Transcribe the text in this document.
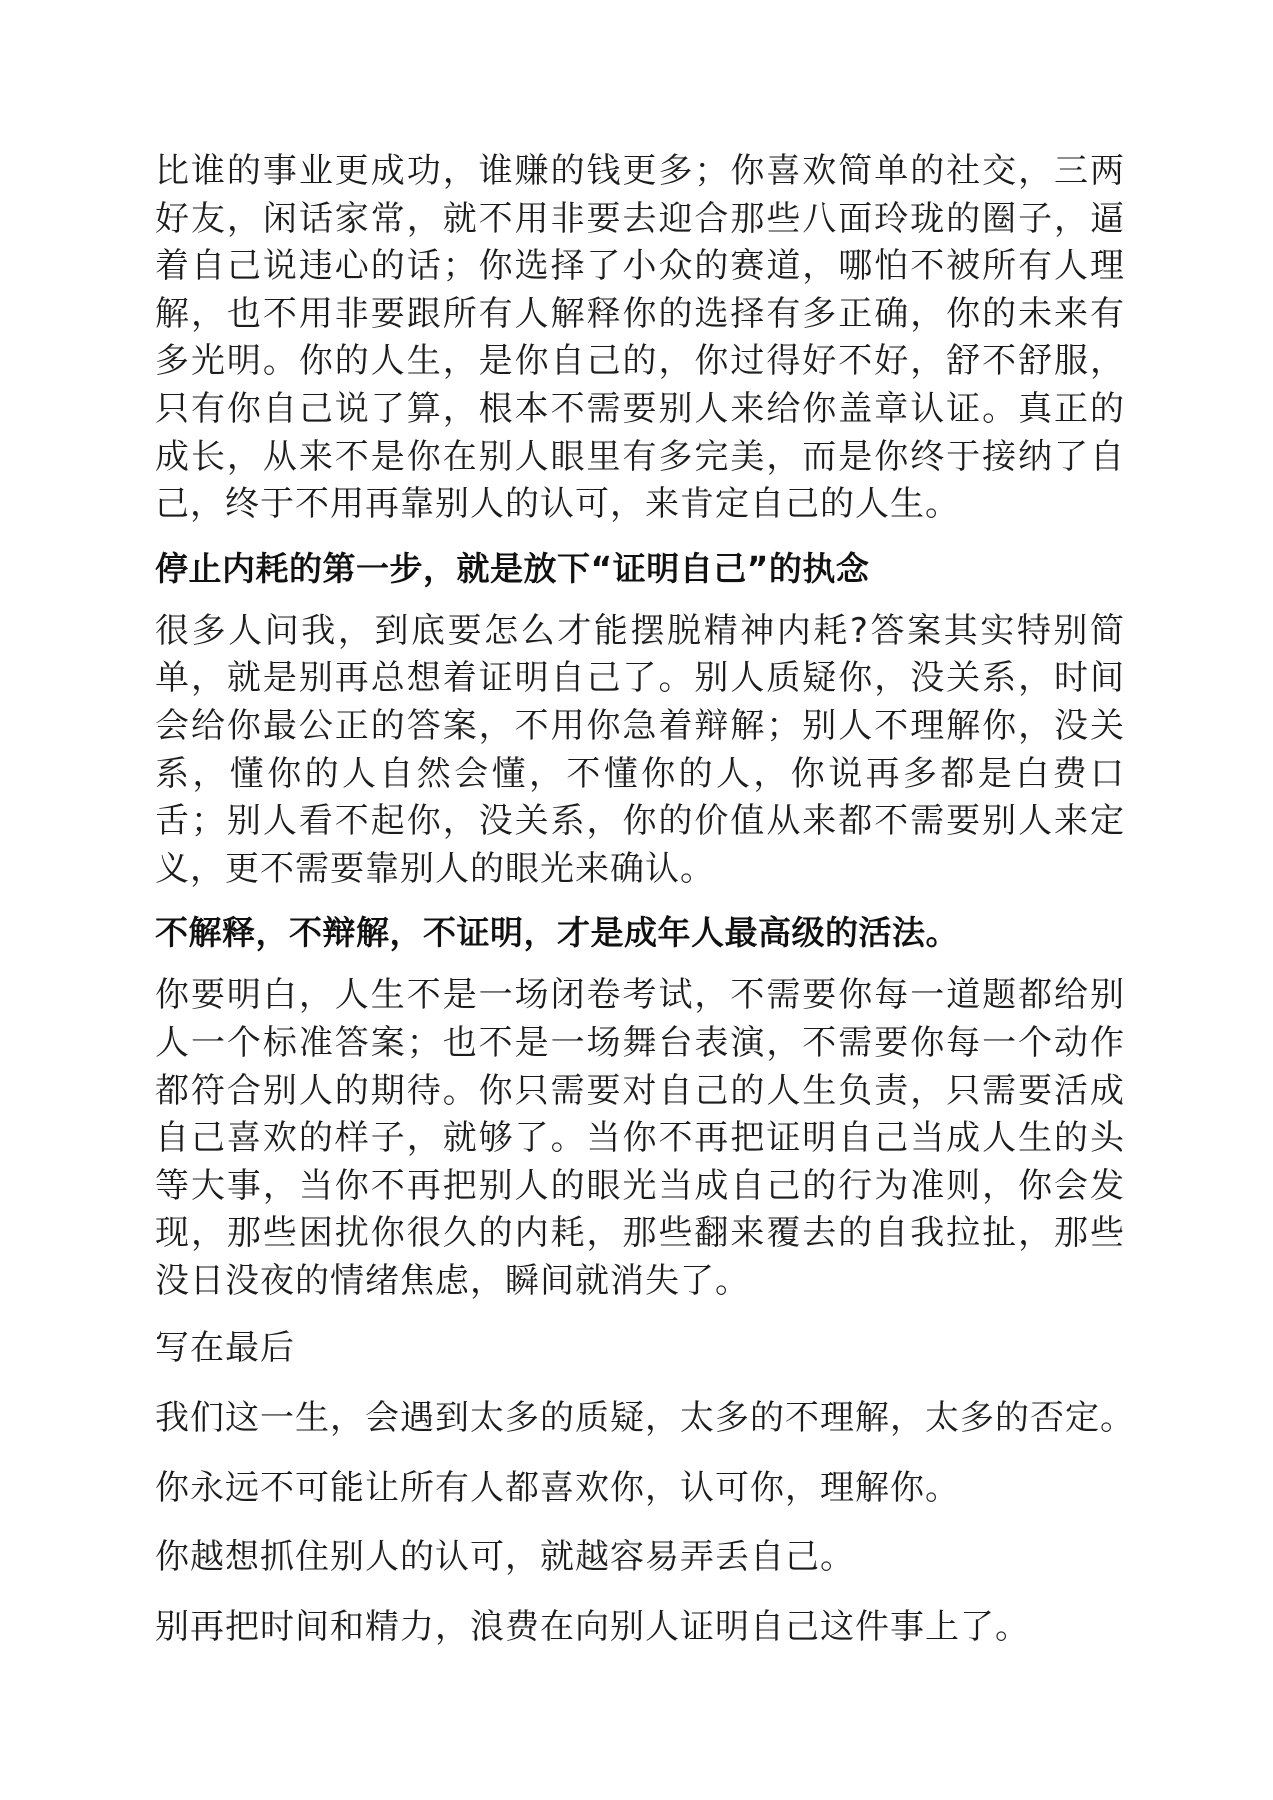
比谁的事业更成功，谁赚的钱更多；你喜欢简单的社交，三两好友，闲话家常，就不用非要去迎合那些八面玲珑的圈子，逼着自己说违心的话；你选择了小众的赛道，哪怕不被所有人理解，也不用非要跟所有人解释你的选择有多正确，你的未来有多光明。你的人生，是你自己的，你过得好不好，舒不舒服，只有你自己说了算，根本不需要别人来给你盖章认证。真正的成长，从来不是你在别人眼里有多完美，而是你终于接纳了自己，终于不用再靠别人的认可，来肯定自己的人生。

停止内耗的第一步，就是放下“证明自己”的执念

很多人问我，到底要怎么才能摆脱精神内耗?答案其实特别简单，就是别再总想着证明自己了。别人质疑你，没关系，时间会给你最公正的答案，不用你急着辩解；别人不理解你，没关系，懂你的人自然会懂，不懂你的人，你说再多都是白费口舌；别人看不起你，没关系，你的价值从来都不需要别人来定义，更不需要靠别人的眼光来确认。

不解释，不辩解，不证明，才是成年人最高级的活法。

你要明白，人生不是一场闭卷考试，不需要你每一道题都给别人一个标准答案；也不是一场舞台表演，不需要你每一个动作都符合别人的期待。你只需要对自己的人生负责，只需要活成自己喜欢的样子，就够了。当你不再把证明自己当成人生的头等大事，当你不再把别人的眼光当成自己的行为准则，你会发现，那些困扰你很久的内耗，那些翻来覆去的自我拉扯，那些没日没夜的情绪焦虑，瞬间就消失了。

写在最后
我们这一生，会遇到太多的质疑，太多的不理解，太多的否定。
你永远不可能让所有人都喜欢你，认可你，理解你。
你越想抓住别人的认可，就越容易弄丢自己。
别再把时间和精力，浪费在向别人证明自己这件事上了。
